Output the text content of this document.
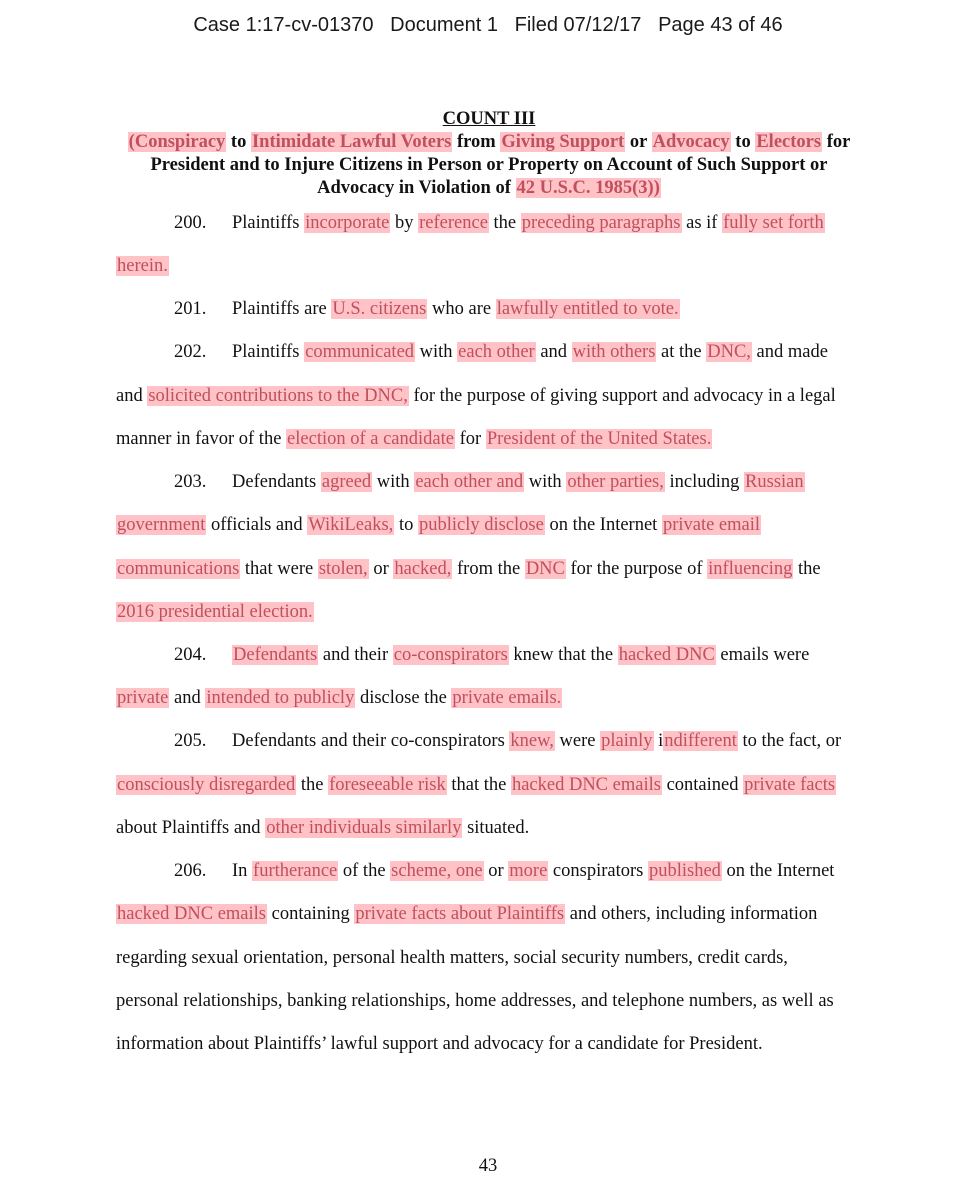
Case 1:17-cv-01370   Document 1   Filed 07/12/17   Page 43 of 46
COUNT III
(Conspiracy to Intimidate Lawful Voters from Giving Support or Advocacy to Electors for
President and to Injure Citizens in Person or Property on Account of Such Support or
Advocacy in Violation of 42 U.S.C. 1985(3))
200. Plaintiffs incorporate by reference the preceding paragraphs as if fully set forth
herein.
201. Plaintiffs are U.S. citizens who are lawfully entitled to vote.
202. Plaintiffs communicated with each other and with others at the DNC, and made
and solicited contributions to the DNC, for the purpose of giving support and advocacy in a legal
manner in favor of the election of a candidate for President of the United States.
203. Defendants agreed with each other and with other parties, including Russian
government officials and WikiLeaks, to publicly disclose on the Internet private email
communications that were stolen, or hacked, from the DNC for the purpose of influencing the
2016 presidential election.
204. Defendants and their co-conspirators knew that the hacked DNC emails were
private and intended to publicly disclose the private emails.
205. Defendants and their co-conspirators knew, were plainly indifferent to the fact, or
consciously disregarded the foreseeable risk that the hacked DNC emails contained private facts
about Plaintiffs and other individuals similarly situated.
206. In furtherance of the scheme, one or more conspirators published on the Internet
hacked DNC emails containing private facts about Plaintiffs and others, including information
regarding sexual orientation, personal health matters, social security numbers, credit cards,
personal relationships, banking relationships, home addresses, and telephone numbers, as well as
information about Plaintiffs’ lawful support and advocacy for a candidate for President.
43
